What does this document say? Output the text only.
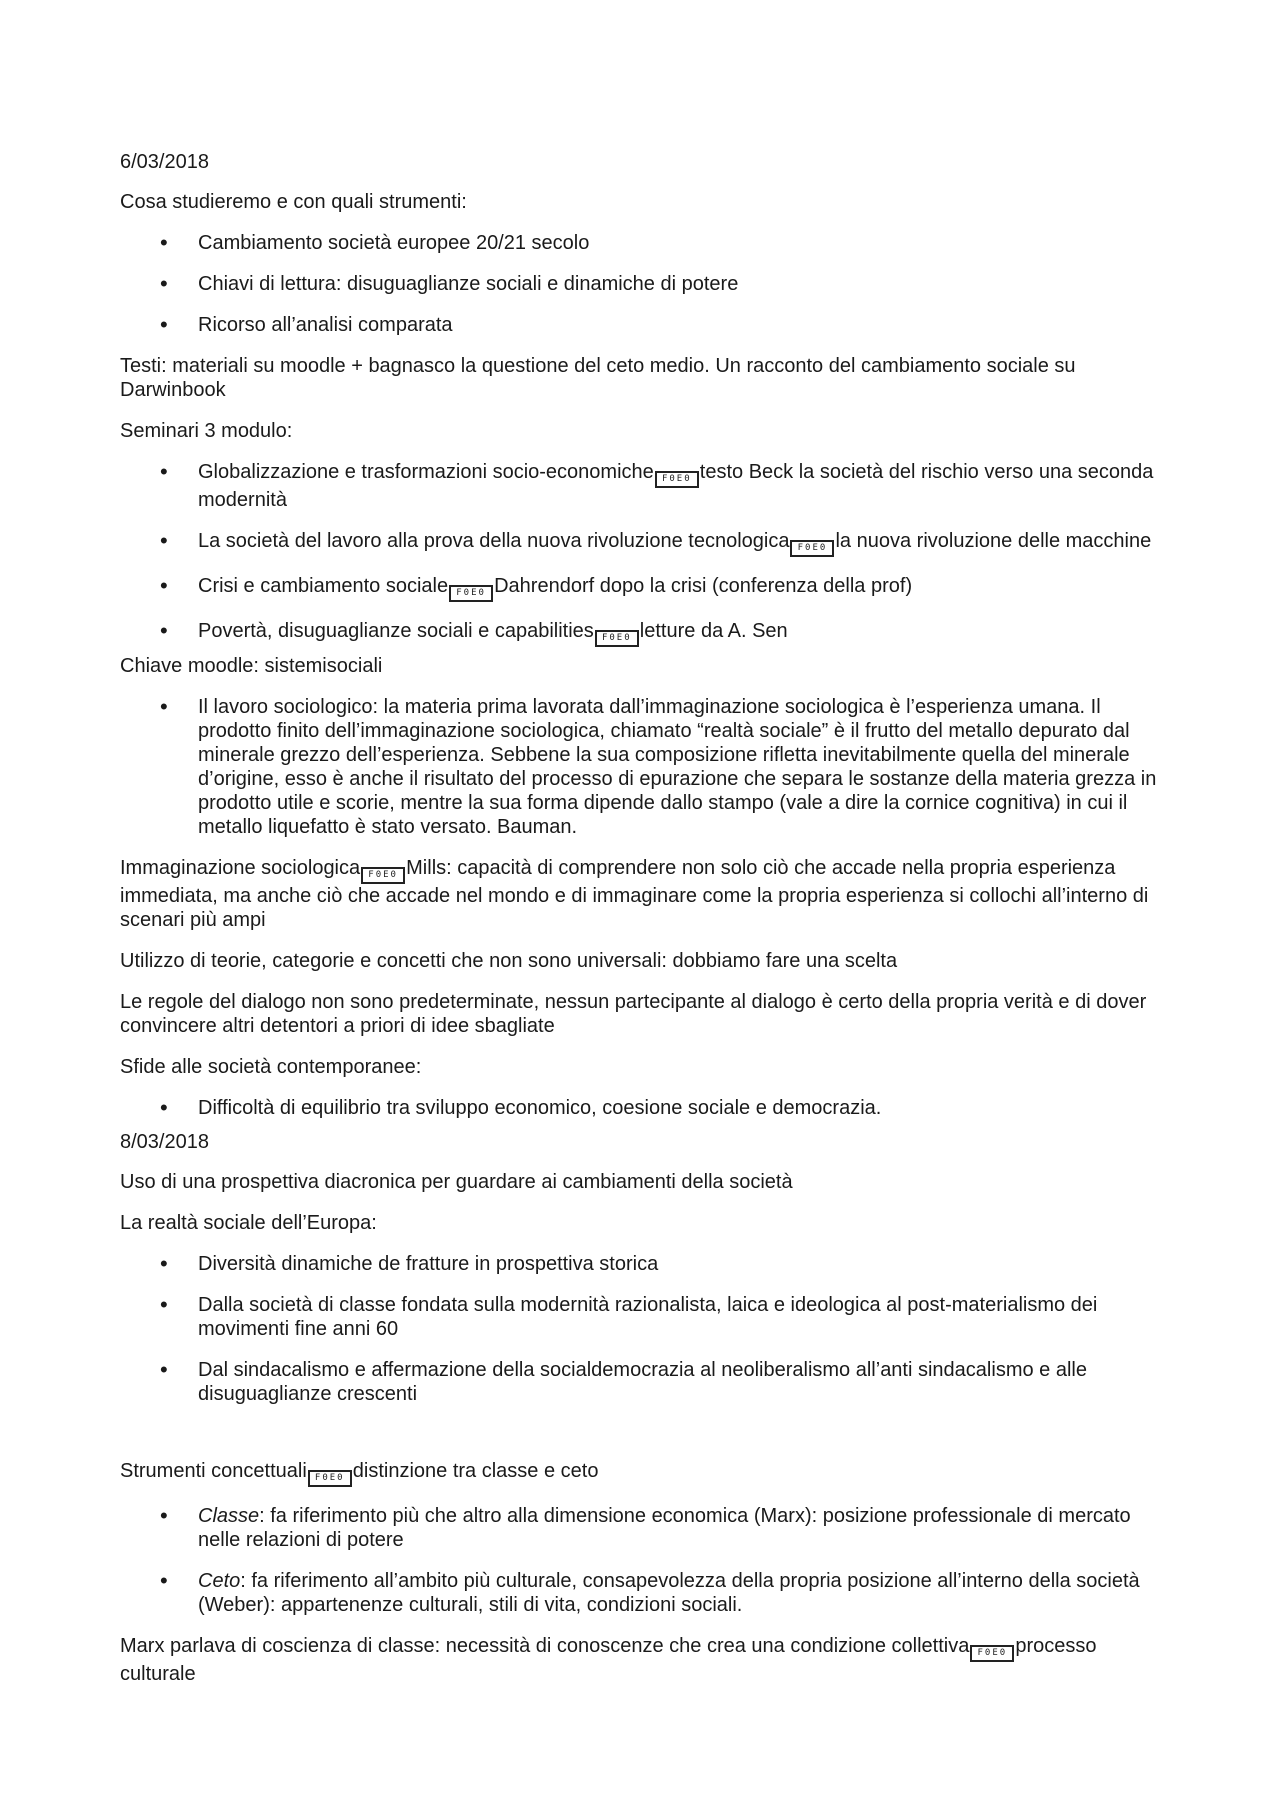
6/03/2018

Cosa studieremo e con quali strumenti:

• Cambiamento società europee 20/21 secolo
• Chiavi di lettura: disuguaglianze sociali e dinamiche di potere
• Ricorso all’analisi comparata

Testi: materiali su moodle + bagnasco la questione del ceto medio. Un racconto del cambiamento sociale su Darwinbook

Seminari 3 modulo:

• Globalizzazione e trasformazioni socio-economiche F0E0 testo Beck la società del rischio verso una seconda modernità
• La società del lavoro alla prova della nuova rivoluzione tecnologica F0E0 la nuova rivoluzione delle macchine
• Crisi e cambiamento sociale F0E0 Dahrendorf dopo la crisi (conferenza della prof)
• Povertà, disuguaglianze sociali e capabilities F0E0 letture da A. Sen

Chiave moodle: sistemisociali

• Il lavoro sociologico: la materia prima lavorata dall’immaginazione sociologica è l’esperienza umana. Il prodotto finito dell’immaginazione sociologica, chiamato “realtà sociale” è il frutto del metallo depurato dal minerale grezzo dell’esperienza. Sebbene la sua composizione rifletta inevitabilmente quella del minerale d’origine, esso è anche il risultato del processo di epurazione che separa le sostanze della materia grezza in prodotto utile e scorie, mentre la sua forma dipende dallo stampo (vale a dire la cornice cognitiva) in cui il metallo liquefatto è stato versato. Bauman.

Immaginazione sociologica F0E0 Mills: capacità di comprendere non solo ciò che accade nella propria esperienza immediata, ma anche ciò che accade nel mondo e di immaginare come la propria esperienza si collochi all’interno di scenari più ampi

Utilizzo di teorie, categorie e concetti che non sono universali: dobbiamo fare una scelta

Le regole del dialogo non sono predeterminate, nessun partecipante al dialogo è certo della propria verità e di dover convincere altri detentori a priori di idee sbagliate

Sfide alle società contemporanee:

• Difficoltà di equilibrio tra sviluppo economico, coesione sociale e democrazia.

8/03/2018

Uso di una prospettiva diacronica per guardare ai cambiamenti della società

La realtà sociale dell’Europa:

• Diversità dinamiche de fratture in prospettiva storica
• Dalla società di classe fondata sulla modernità razionalista, laica e ideologica al post-materialismo dei movimenti fine anni 60
• Dal sindacalismo e affermazione della socialdemocrazia al neoliberalismo all’anti sindacalismo e alle disuguaglianze crescenti

Strumenti concettuali F0E0 distinzione tra classe e ceto

• Classe: fa riferimento più che altro alla dimensione economica (Marx): posizione professionale di mercato nelle relazioni di potere
• Ceto: fa riferimento all’ambito più culturale, consapevolezza della propria posizione all’interno della società (Weber): appartenenze culturali, stili di vita, condizioni sociali.

Marx parlava di coscienza di classe: necessità di conoscenze che crea una condizione collettiva F0E0 processo culturale
